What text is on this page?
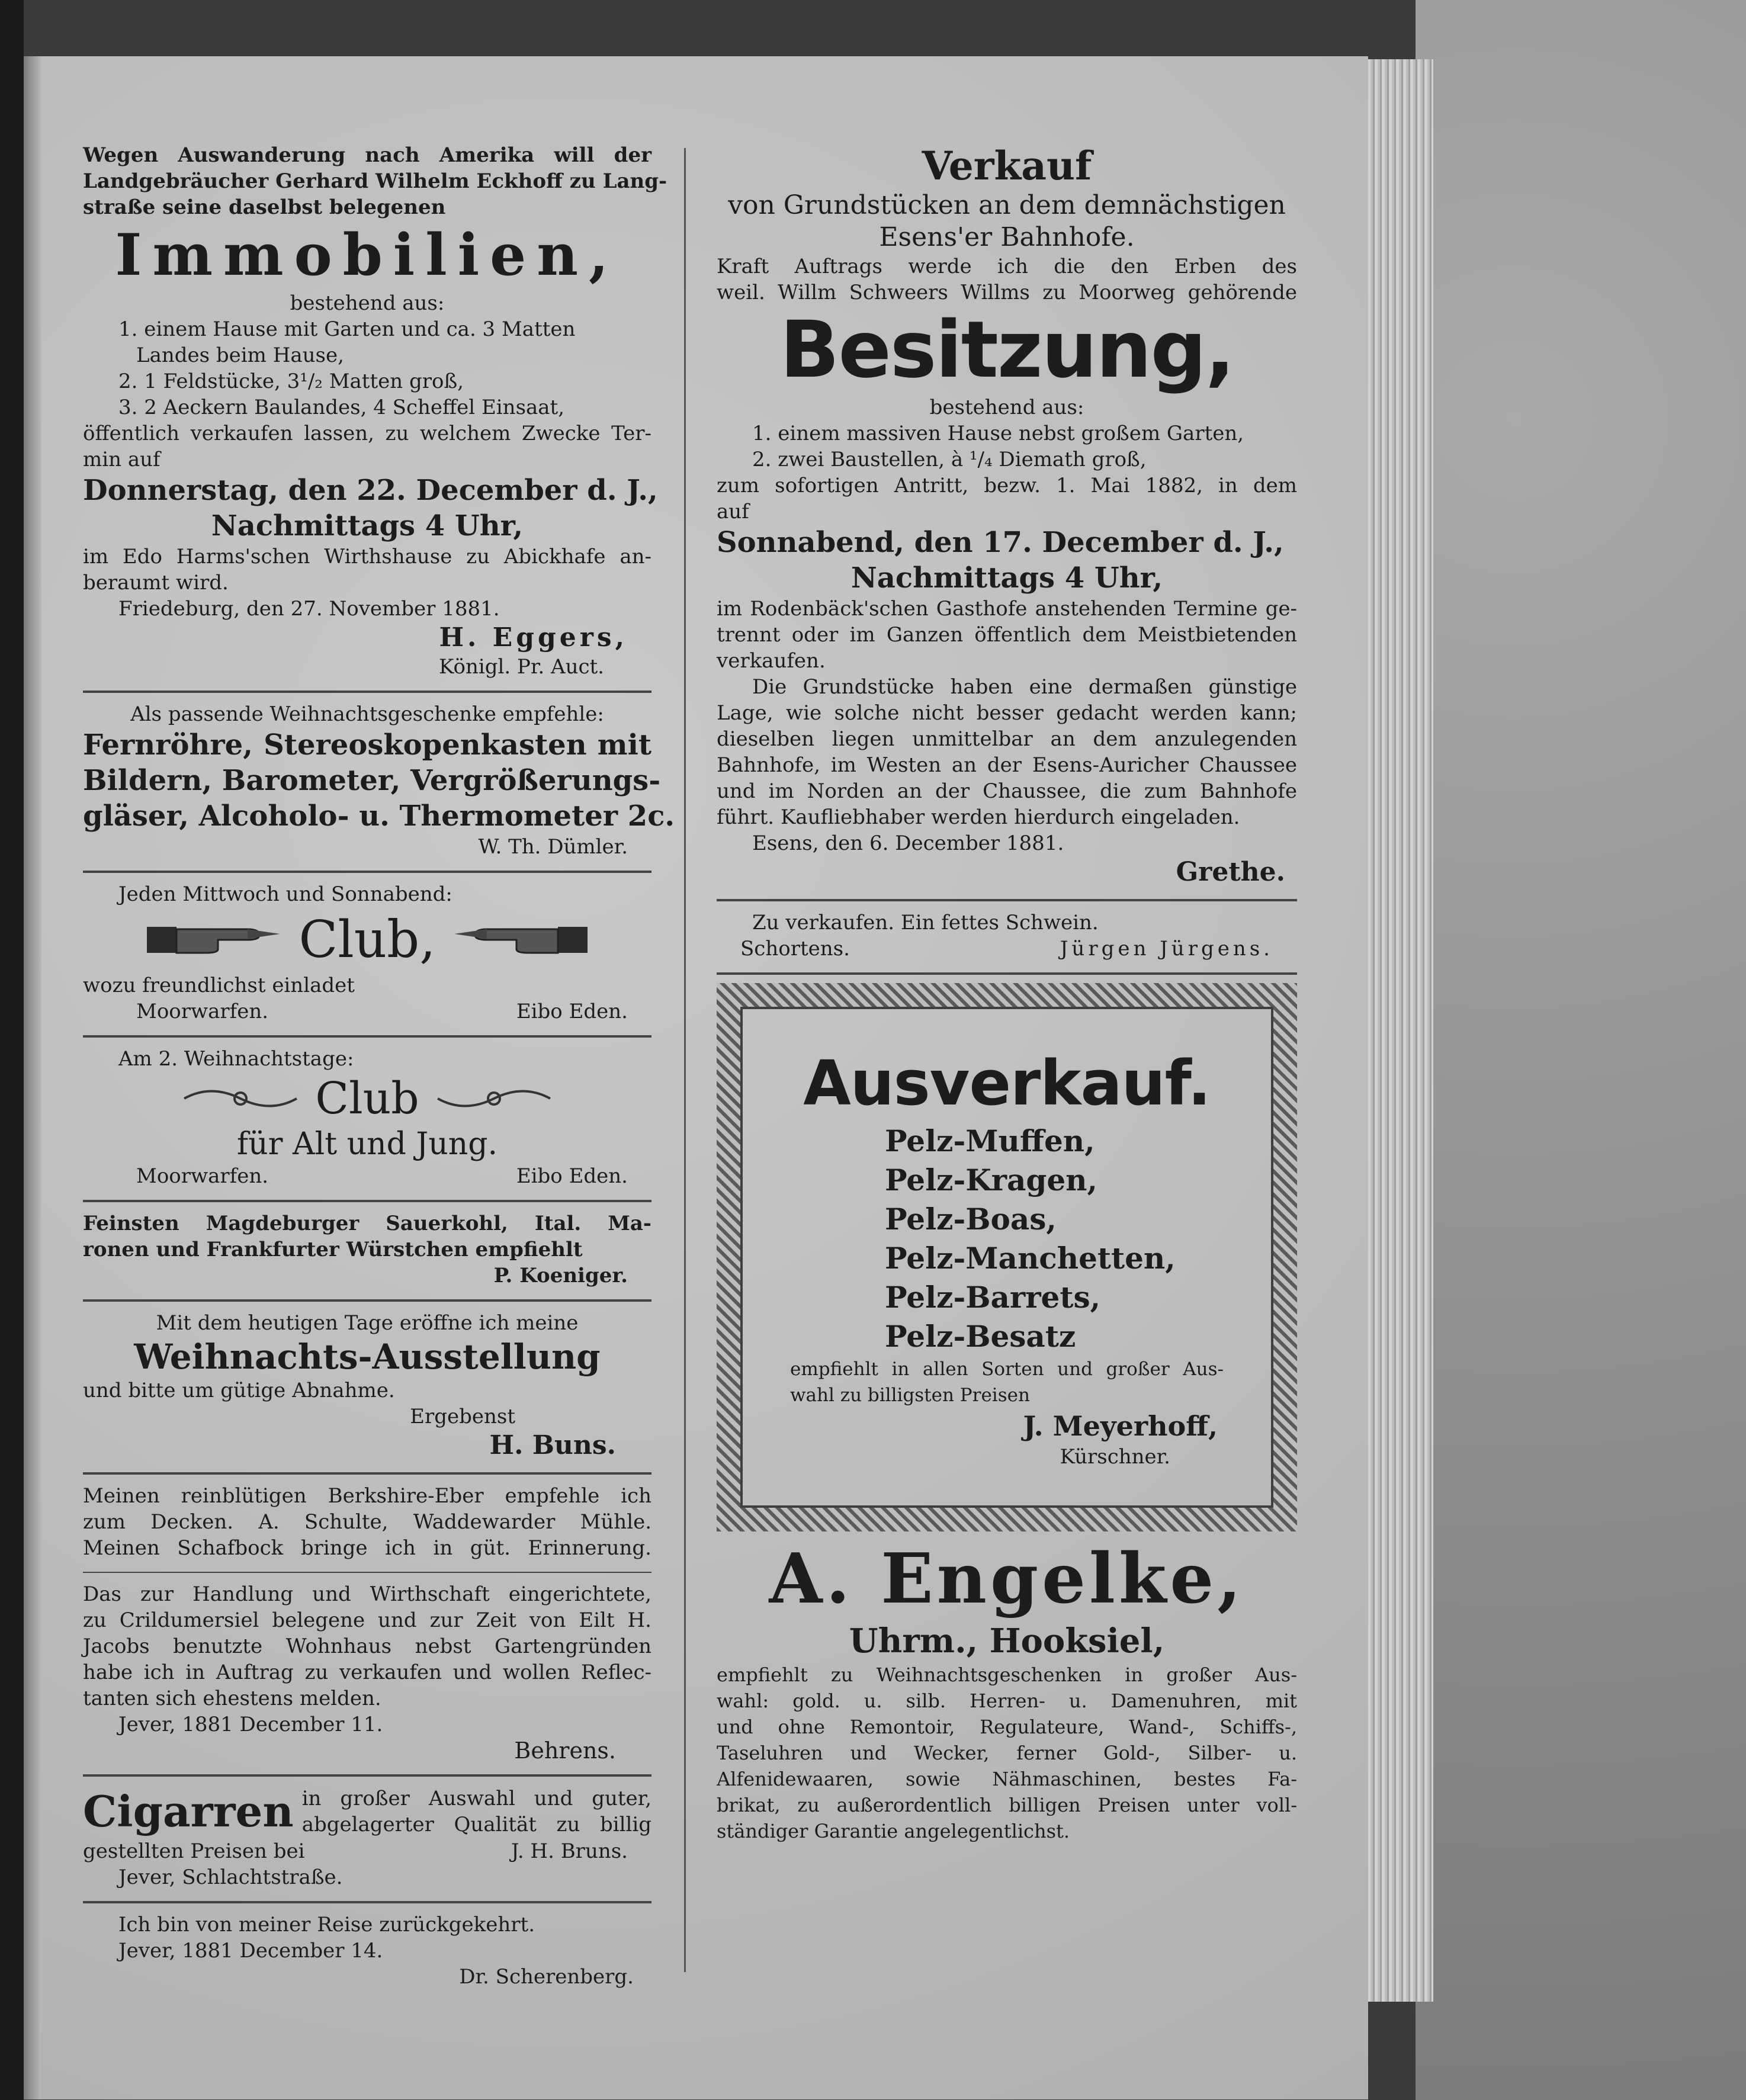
Wegen Auswanderung nach Amerika will der
Landgebräucher Gerhard Wilhelm Eckhoff zu Lang-
straße seine daselbst belegenen
Immobilien,
bestehend aus:
1. einem Hause mit Garten und ca. 3 Matten
Landes beim Hause,
2. 1 Feldstücke, 3¹/₂ Matten groß,
3. 2 Aeckern Baulandes, 4 Scheffel Einsaat,
öffentlich verkaufen lassen, zu welchem Zwecke Ter-
min auf
Donnerstag, den 22. December d. J.,
Nachmittags 4 Uhr,
im Edo Harms'schen Wirthshause zu Abickhafe an-
beraumt wird.
Friedeburg, den 27. November 1881.
H. Eggers,
Königl. Pr. Auct.
Als passende Weihnachtsgeschenke empfehle:
Fernröhre, Stereoskopenkasten mit
Bildern, Barometer, Vergrößerungs-
gläser, Alcoholo- u. Thermometer 2c.
W. Th. Dümler.
Jeden Mittwoch und Sonnabend:
Club,
wozu freundlichst einladet
Moorwarfen.	Eibo Eden.
Am 2. Weihnachtstage:
Club
für Alt und Jung.
Moorwarfen.	Eibo Eden.
Feinsten Magdeburger Sauerkohl, Ital. Ma-
ronen und Frankfurter Würstchen empfiehlt
P. Koeniger.
Mit dem heutigen Tage eröffne ich meine
Weihnachts-Ausstellung
und bitte um gütige Abnahme.
Ergebenst
H. Buns.
Meinen reinblütigen Berkshire-Eber empfehle ich
zum Decken. A. Schulte, Waddewarder Mühle.
Meinen Schafbock bringe ich in güt. Erinnerung.
Das zur Handlung und Wirthschaft eingerichtete,
zu Crildumersiel belegene und zur Zeit von Eilt H.
Jacobs benutzte Wohnhaus nebst Gartengründen
habe ich in Auftrag zu verkaufen und wollen Reflec-
tanten sich ehestens melden.
Jever, 1881 December 11.
Behrens.
Cigarren in großer Auswahl und guter,
abgelagerter Qualität zu billig
gestellten Preisen bei	J. H. Bruns.
Jever, Schlachtstraße.
Ich bin von meiner Reise zurückgekehrt.
Jever, 1881 December 14.
Dr. Scherenberg.
Verkauf
von Grundstücken an dem demnächstigen
Esens'er Bahnhofe.
Kraft Auftrags werde ich die den Erben des
weil. Willm Schweers Willms zu Moorweg gehörende
Besitzung,
bestehend aus:
1. einem massiven Hause nebst großem Garten,
2. zwei Baustellen, à ¹/₄ Diemath groß,
zum sofortigen Antritt, bezw. 1. Mai 1882, in dem
auf
Sonnabend, den 17. December d. J.,
Nachmittags 4 Uhr,
im Rodenbäck'schen Gasthofe anstehenden Termine ge-
trennt oder im Ganzen öffentlich dem Meistbietenden
verkaufen.
Die Grundstücke haben eine dermaßen günstige
Lage, wie solche nicht besser gedacht werden kann;
dieselben liegen unmittelbar an dem anzulegenden
Bahnhofe, im Westen an der Esens-Auricher Chaussee
und im Norden an der Chaussee, die zum Bahnhofe
führt. Kaufliebhaber werden hierdurch eingeladen.
Esens, den 6. December 1881.
Grethe.
Zu verkaufen. Ein fettes Schwein.
Schortens.	Jürgen Jürgens.
Ausverkauf.
Pelz-Muffen,
Pelz-Kragen,
Pelz-Boas,
Pelz-Manchetten,
Pelz-Barrets,
Pelz-Besatz
empfiehlt in allen Sorten und großer Aus-
wahl zu billigsten Preisen
J. Meyerhoff,
Kürschner.
A. Engelke,
Uhrm., Hooksiel,
empfiehlt zu Weihnachtsgeschenken in großer Aus-
wahl: gold. u. silb. Herren- u. Damenuhren, mit
und ohne Remontoir, Regulateure, Wand-, Schiffs-,
Taseluhren und Wecker, ferner Gold-, Silber- u.
Alfenidewaaren, sowie Nähmaschinen, bestes Fa-
brikat, zu außerordentlich billigen Preisen unter voll-
ständiger Garantie angelegentlichst.
